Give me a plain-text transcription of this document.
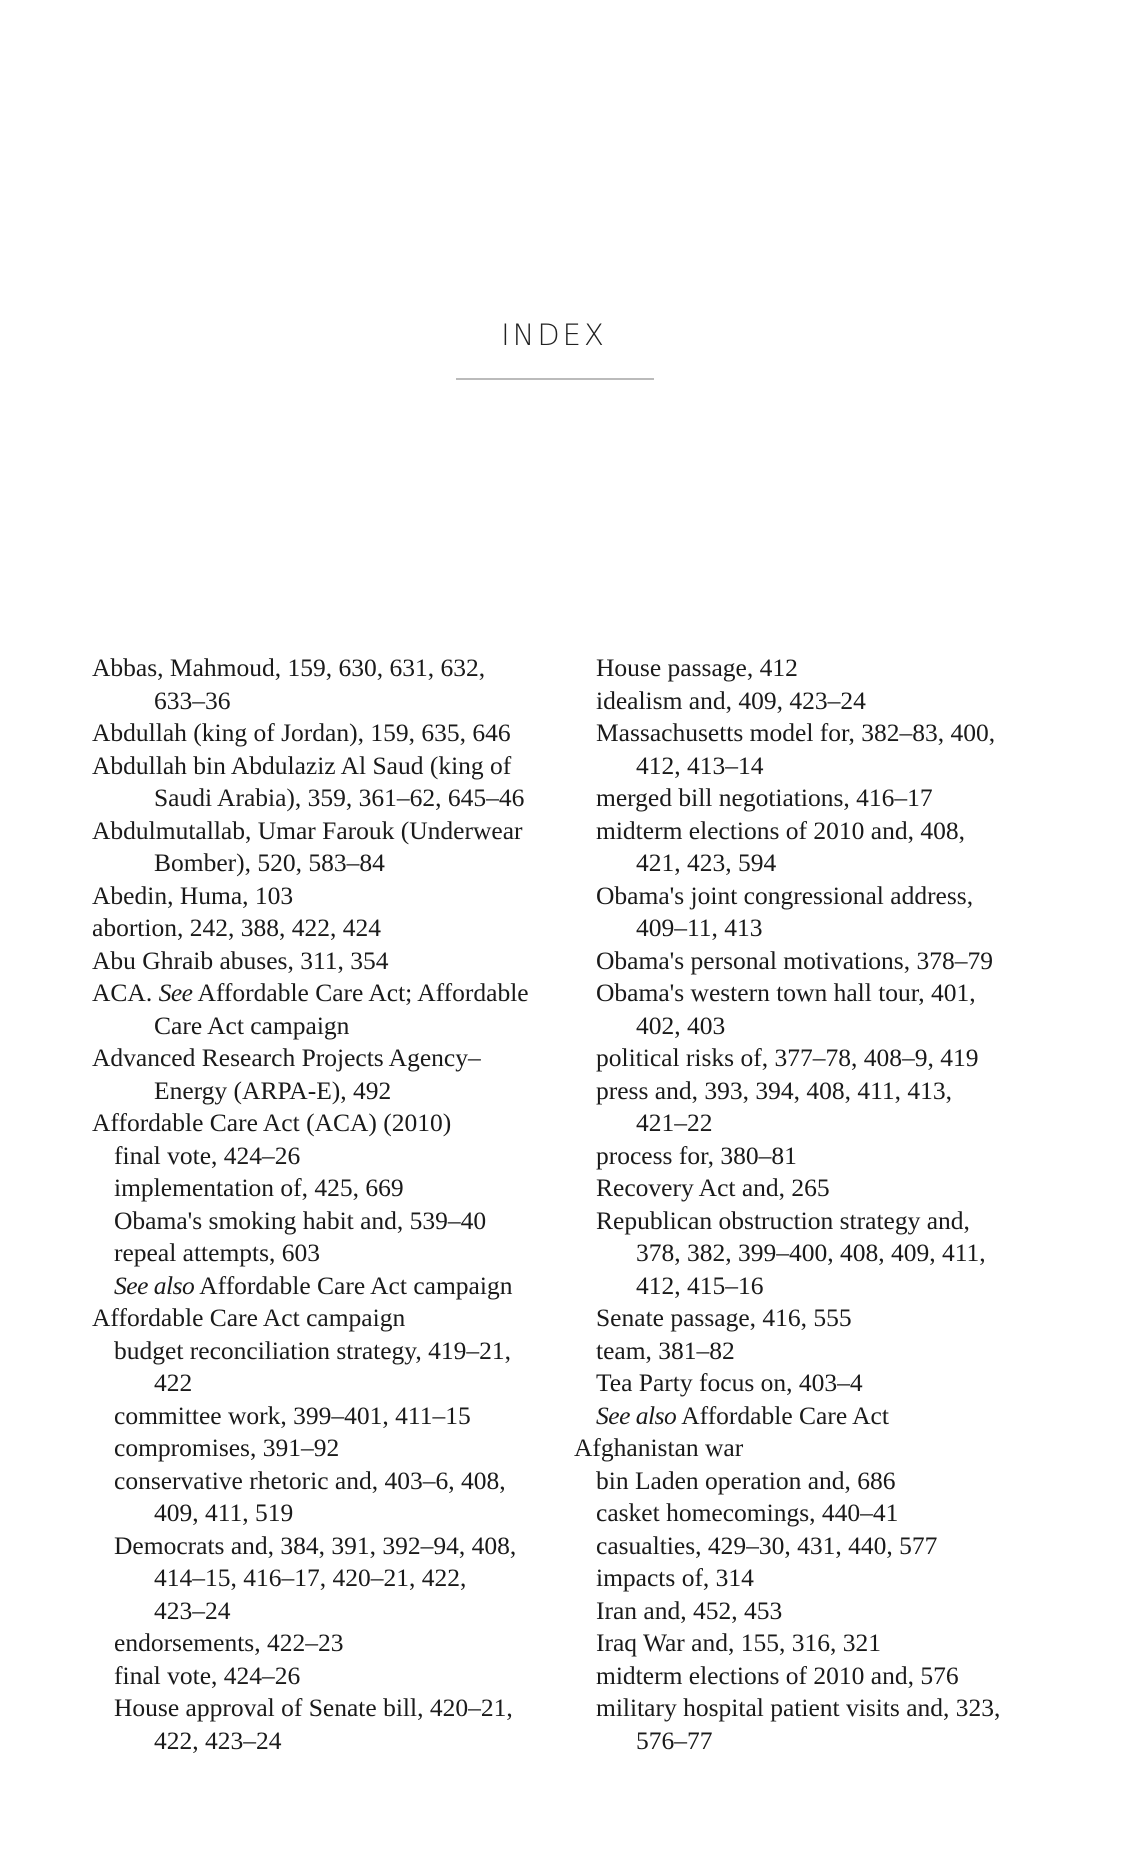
INDEX
Abbas, Mahmoud, 159, 630, 631, 632,
633–36
Abdullah (king of Jordan), 159, 635, 646
Abdullah bin Abdulaziz Al Saud (king of
Saudi Arabia), 359, 361–62, 645–46
Abdulmutallab, Umar Farouk (Underwear
Bomber), 520, 583–84
Abedin, Huma, 103
abortion, 242, 388, 422, 424
Abu Ghraib abuses, 311, 354
ACA. See Affordable Care Act; Affordable
Care Act campaign
Advanced Research Projects Agency–
Energy (ARPA-E), 492
Affordable Care Act (ACA) (2010)
final vote, 424–26
implementation of, 425, 669
Obama's smoking habit and, 539–40
repeal attempts, 603
See also Affordable Care Act campaign
Affordable Care Act campaign
budget reconciliation strategy, 419–21,
422
committee work, 399–401, 411–15
compromises, 391–92
conservative rhetoric and, 403–6, 408,
409, 411, 519
Democrats and, 384, 391, 392–94, 408,
414–15, 416–17, 420–21, 422,
423–24
endorsements, 422–23
final vote, 424–26
House approval of Senate bill, 420–21,
422, 423–24
House passage, 412
idealism and, 409, 423–24
Massachusetts model for, 382–83, 400,
412, 413–14
merged bill negotiations, 416–17
midterm elections of 2010 and, 408,
421, 423, 594
Obama's joint congressional address,
409–11, 413
Obama's personal motivations, 378–79
Obama's western town hall tour, 401,
402, 403
political risks of, 377–78, 408–9, 419
press and, 393, 394, 408, 411, 413,
421–22
process for, 380–81
Recovery Act and, 265
Republican obstruction strategy and,
378, 382, 399–400, 408, 409, 411,
412, 415–16
Senate passage, 416, 555
team, 381–82
Tea Party focus on, 403–4
See also Affordable Care Act
Afghanistan war
bin Laden operation and, 686
casket homecomings, 440–41
casualties, 429–30, 431, 440, 577
impacts of, 314
Iran and, 452, 453
Iraq War and, 155, 316, 321
midterm elections of 2010 and, 576
military hospital patient visits and, 323,
576–77
